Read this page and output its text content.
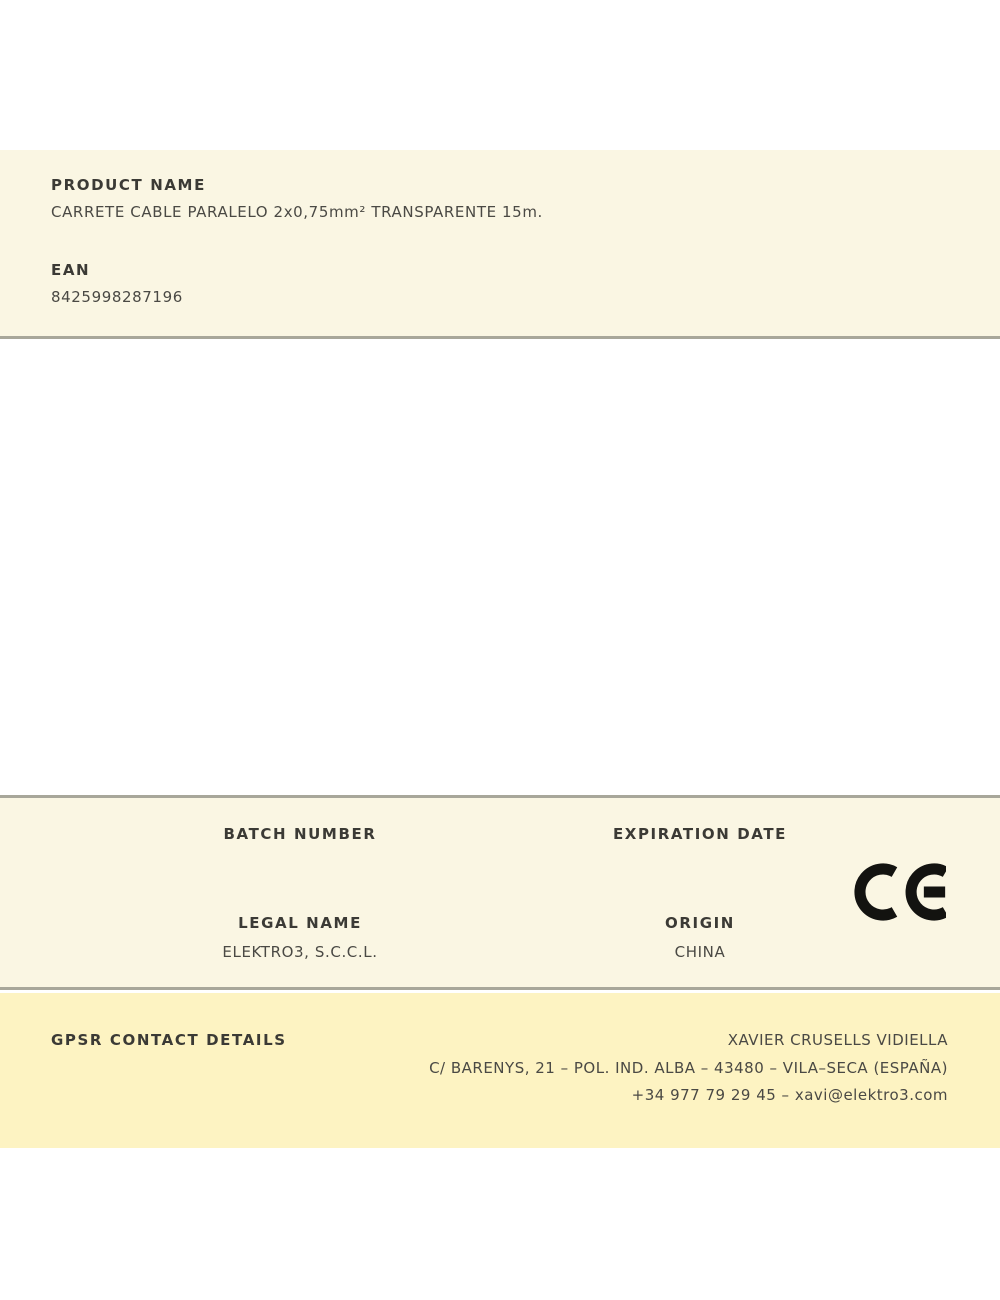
PRODUCT NAME
CARRETE CABLE PARALELO 2x0,75mm² TRANSPARENTE 15m.
EAN
8425998287196
BATCH NUMBER	EXPIRATION DATE
LEGAL NAME	ORIGIN
ELEKTRO3, S.C.C.L.	CHINA
GPSR CONTACT DETAILS	XAVIER CRUSELLS VIDIELLA
C/ BARENYS, 21 – POL. IND. ALBA – 43480 – VILA–SECA (ESPAÑA)
+34 977 79 29 45 – xavi@elektro3.com
